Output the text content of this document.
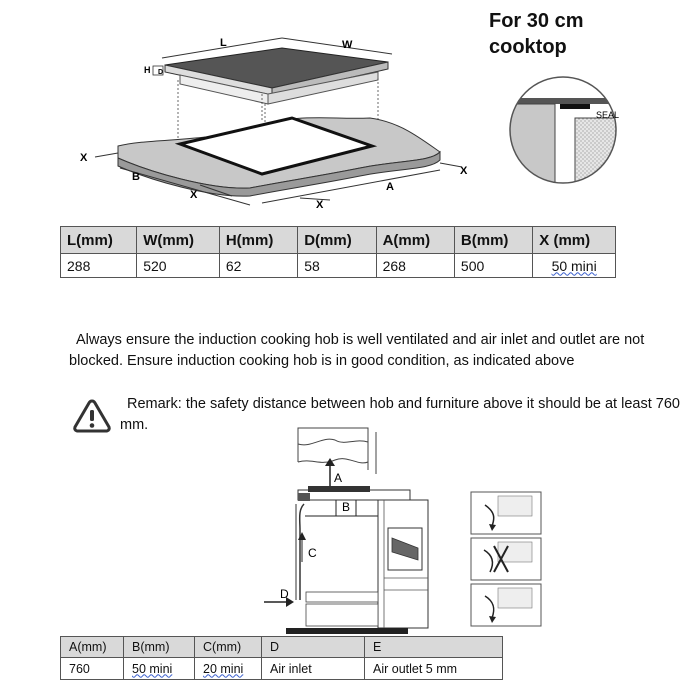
For 30 cm
cooktop
L	W
H D
X
X
B
X
X
A
SEAL
L(mm)	W(mm)	H(mm)	D(mm)	A(mm)	B(mm)	X (mm)
288	520	62	58	268	500	50 mini
Always ensure the induction cooking hob is well ventilated and air inlet and outlet are not blocked. Ensure induction cooking hob is in good condition, as indicated above
Remark: the safety distance between hob and furniture above it should be at least 760 mm.
A
B
C
D
A(mm)	B(mm)	C(mm)	D	E
760	50 mini	20 mini	Air inlet	Air outlet 5 mm
